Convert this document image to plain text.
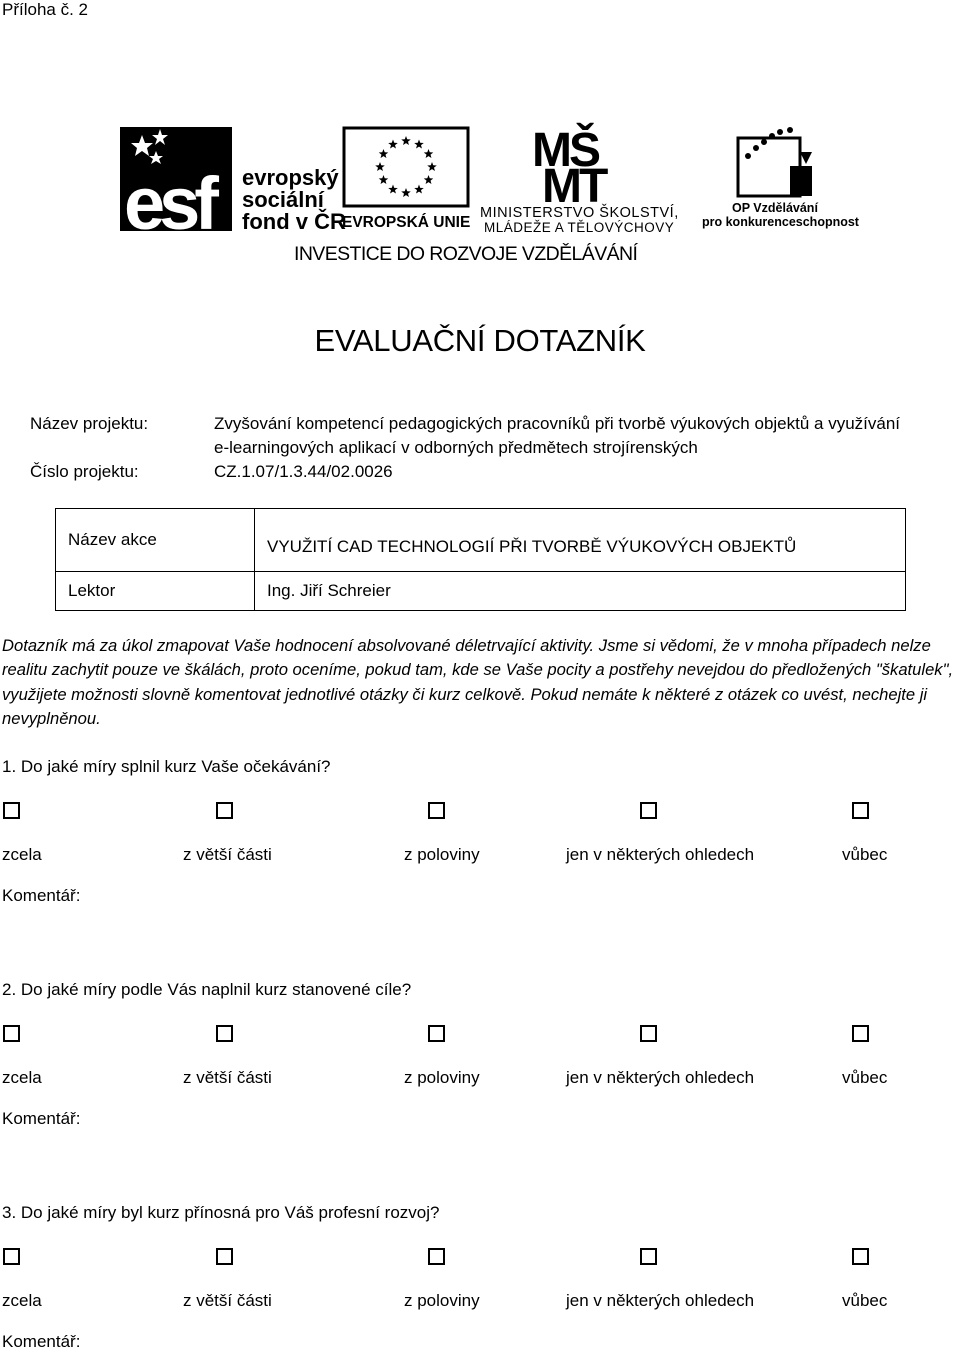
Příloha č. 2
esf evropský
sociální
fond v ČR
EVROPSKÁ UNIE
MŠ
MT
MINISTERSTVO ŠKOLSTVÍ,
MLÁDEŽE A TĚLOVÝCHOVY
OP Vzdělávání
pro konkurenceschopnost
INVESTICE DO ROZVOJE VZDĚLÁVÁNÍ
EVALUAČNÍ DOTAZNÍK
Název projektu:	Zvyšování kompetencí pedagogických pracovníků při tvorbě výukových objektů a využívání
e-learningových aplikací v odborných předmětech strojírenských
Číslo projektu:	CZ.1.07/1.3.44/02.0026
Název akce	VYUŽITÍ CAD TECHNOLOGIÍ PŘI TVORBĚ VÝUKOVÝCH OBJEKTŮ
Lektor	Ing. Jiří Schreier
Dotazník má za úkol zmapovat Vaše hodnocení absolvované déletrvající aktivity. Jsme si vědomi, že v mnoha případech nelze realitu zachytit pouze ve škálách, proto oceníme, pokud tam, kde se Vaše pocity a postřehy nevejdou do předložených "škatulek", využijete možnosti slovně komentovat jednotlivé otázky či kurz celkově. Pokud nemáte k některé z otázek co uvést, nechejte ji nevyplněnou.
1. Do jaké míry splnil kurz Vaše očekávání?
zcela	z větší části	z poloviny	jen v některých ohledech	vůbec
Komentář:
2. Do jaké míry podle Vás naplnil kurz stanovené cíle?
zcela	z větší části	z poloviny	jen v některých ohledech	vůbec
Komentář:
3. Do jaké míry byl kurz přínosná pro Váš profesní rozvoj?
zcela	z větší části	z poloviny	jen v některých ohledech	vůbec
Komentář:
